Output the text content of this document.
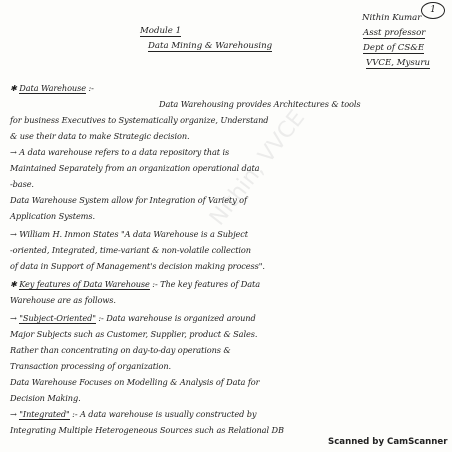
1
Module 1
Data Mining & Warehousing
Nithin Kumar
Asst professor
Dept of CS&E
VVCE, Mysuru
Nithin, VVCE
✱ Data Warehouse :-
Data Warehousing provides Architectures & tools
for business Executives to Systematically organize, Understand
& use their data to make Strategic decision.
→ A data warehouse refers to a data repository that is
Maintained Separately from an organization operational data
-base.
Data Warehouse System allow for Integration of Variety of
Application Systems.
→ William H. Inmon States "A data Warehouse is a Subject
-oriented, Integrated, time-variant & non-volatile collection
of data in Support of Management's decision making process".
✱ Key features of Data Warehouse :- The key features of Data
Warehouse are as follows.
→ "Subject-Oriented" :- Data warehouse is organized around
Major Subjects such as Customer, Supplier, product & Sales.
Rather than concentrating on day-to-day operations &
Transaction processing of organization.
Data Warehouse Focuses on Modelling & Analysis of Data for
Decision Making.
→ "Integrated" :- A data warehouse is usually constructed by
Integrating Multiple Heterogeneous Sources such as Relational DB
Scanned by CamScanner
